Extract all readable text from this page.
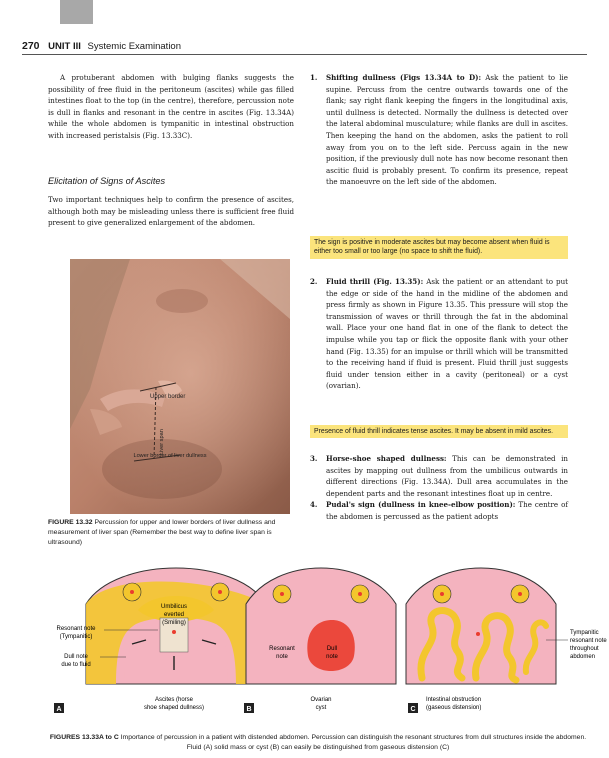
270 UNIT III Systemic Examination
A protuberant abdomen with bulging flanks suggests the possibility of free fluid in the peritoneum (ascites) while gas filled intestines float to the top (in the centre), therefore, percussion note is dull in flanks and resonant in the centre in ascites (Fig. 13.34A) while the whole abdomen is tympanitic in intestinal obstruction with increased peristalsis (Fig. 13.33C).
Elicitation of Signs of Ascites
Two important techniques help to confirm the presence of ascites, although both may be misleading unless there is sufficient free fluid present to give generalized enlargement of the abdomen.
Upper border
Liver span
Lower border of liver dullness

FIGURE 13.32 Percussion for upper and lower borders of liver dullness and measurement of liver span (Remember the best way to define liver span is ultrasound)

1. Shifting dullness (Figs 13.34A to D): Ask the patient to lie supine. Percuss from the centre outwards towards one of the flank; say right flank keeping the fingers in the longitudinal axis, until dullness is detected. Normally the dullness is detected over the lateral abdominal musculature; while flanks are dull in ascites. Then keeping the hand on the abdomen, asks the patient to roll away from you on to the left side. Percuss again in the new position, if the previously dull note has now become resonant then ascitic fluid is probably present. To confirm its presence, repeat the manoeuvre on the left side of the abdomen.
The sign is positive in moderate ascites but may become absent when fluid is either too small or too large (no space to shift the fluid).
2. Fluid thrill (Fig. 13.35): Ask the patient or an attendant to put the edge or side of the hand in the midline of the abdomen and press firmly as shown in Figure 13.35. This pressure will stop the transmission of waves or thrill through the fat in the abdominal wall. Place your one hand flat in one of the flank to detect the impulse while you tap or flick the opposite flank with your other hand (Fig. 13.35) for an impulse or thrill which will be transmitted to the receiving hand if fluid is present. Fluid thrill just suggests fluid under tension either in a cavity (peritoneal) or a cyst (ovarian).
Presence of fluid thrill indicates tense ascites. It may be absent in mild ascites.
3. Horse-shoe shaped dullness: This can be demonstrated in ascites by mapping out dullness from the umbilicus outwards in different directions (Fig. 13.34A). Dull area accumulates in the dependent parts and the resonant intestines float up in centre.
4. Pudal's sign (dullness in knee-elbow position): The centre of the abdomen is percussed as the patient adopts
Umbilicus
everted
(Smiling)
Resonant note
(Tympanitic)
Dull note
due to fluid
A
Ascites (horse
shoe shaped dullness)
Dull
note
Resonant
note
B
Ovarian
cyst
Tympanitic
resonant note
throughout
abdomen
C
Intestinal obstruction
(gaseous distension)

FIGURES 13.33A to C Importance of percussion in a patient with distended abdomen. Percussion can distinguish the resonant structures from dull structures inside the abdomen. Fluid (A) solid mass or cyst (B) can easily be distinguished from gaseous distension (C)
